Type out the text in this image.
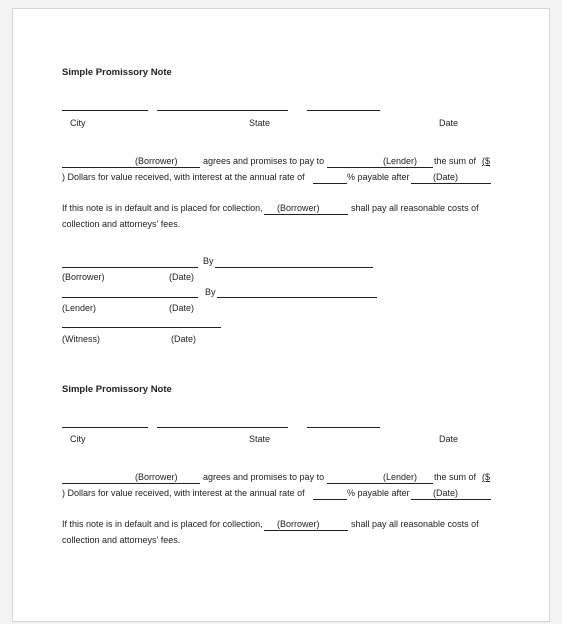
Simple Promissory Note
City	State	Date
(Borrower)	agrees and promises to pay to	(Lender) the sum of ($
) Dollars for value received, with interest at the annual rate of	% payable after	(Date)
If this note is in default and is placed for collection, (Borrower)	shall pay all reasonable costs of
collection and attorneys' fees.
By
(Borrower)	(Date)
By
(Lender)	(Date)
(Witness)	(Date)
Simple Promissory Note
City	State	Date
(Borrower)	agrees and promises to pay to	(Lender) the sum of ($
) Dollars for value received, with interest at the annual rate of	% payable after	(Date)
If this note is in default and is placed for collection, (Borrower)	shall pay all reasonable costs of
collection and attorneys' fees.
